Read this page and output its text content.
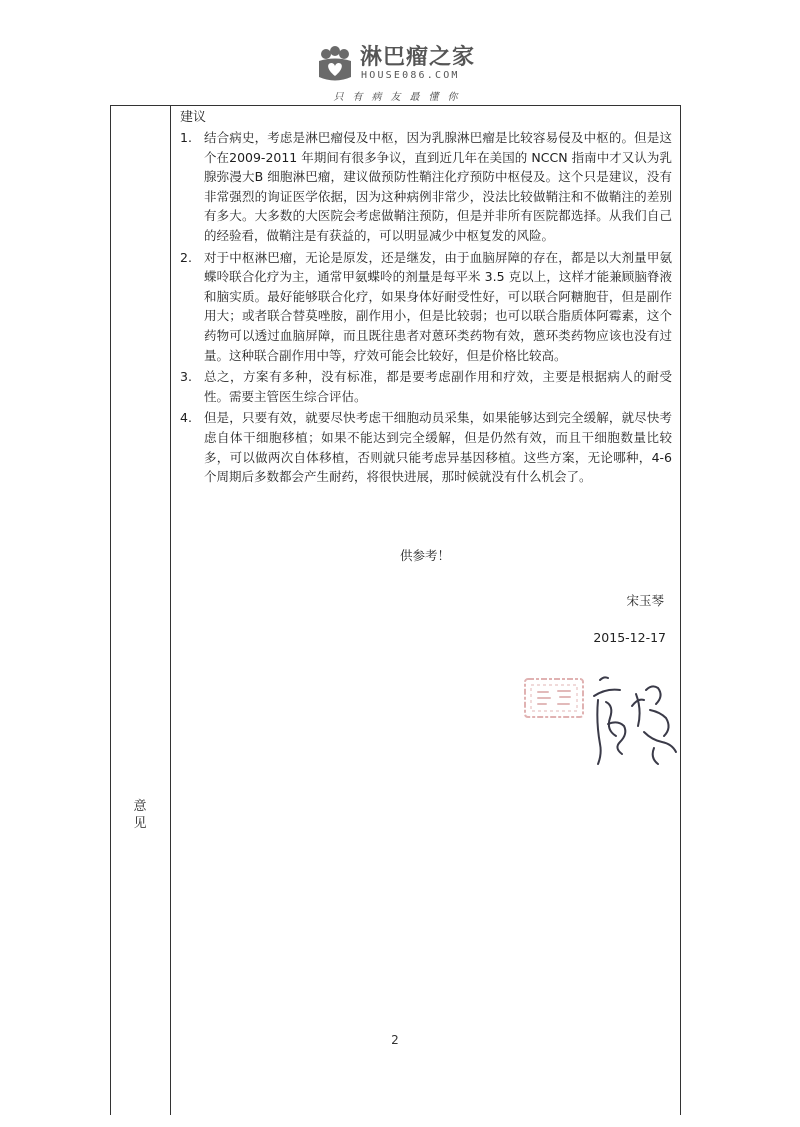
淋巴瘤之家
HOUSE086.COM
只有病友最懂你
意见
建议
1. 结合病史，考虑是淋巴瘤侵及中枢，因为乳腺淋巴瘤是比较容易侵及中枢的。但是这个在2009-2011 年期间有很多争议，直到近几年在美国的 NCCN 指南中才又认为乳腺弥漫大B 细胞淋巴瘤，建议做预防性鞘注化疗预防中枢侵及。这个只是建议，没有非常强烈的询证医学依据，因为这种病例非常少，没法比较做鞘注和不做鞘注的差别有多大。大多数的大医院会考虑做鞘注预防，但是并非所有医院都选择。从我们自己的经验看，做鞘注是有获益的，可以明显减少中枢复发的风险。
2. 对于中枢淋巴瘤，无论是原发，还是继发，由于血脑屏障的存在，都是以大剂量甲氨蝶呤联合化疗为主，通常甲氨蝶呤的剂量是每平米 3.5 克以上，这样才能兼顾脑脊液和脑实质。最好能够联合化疗，如果身体好耐受性好，可以联合阿糖胞苷，但是副作用大；或者联合替莫唑胺，副作用小，但是比较弱；也可以联合脂质体阿霉素，这个药物可以透过血脑屏障，而且既往患者对蒽环类药物有效，蒽环类药物应该也没有过量。这种联合副作用中等，疗效可能会比较好，但是价格比较高。
3. 总之，方案有多种，没有标准，都是要考虑副作用和疗效，主要是根据病人的耐受性。需要主管医生综合评估。
4. 但是，只要有效，就要尽快考虑干细胞动员采集，如果能够达到完全缓解，就尽快考虑自体干细胞移植；如果不能达到完全缓解，但是仍然有效，而且干细胞数量比较多，可以做两次自体移植，否则就只能考虑异基因移植。这些方案，无论哪种，4-6 个周期后多数都会产生耐药，将很快进展，那时候就没有什么机会了。
供参考！
宋玉琴
2015-12-17
2
